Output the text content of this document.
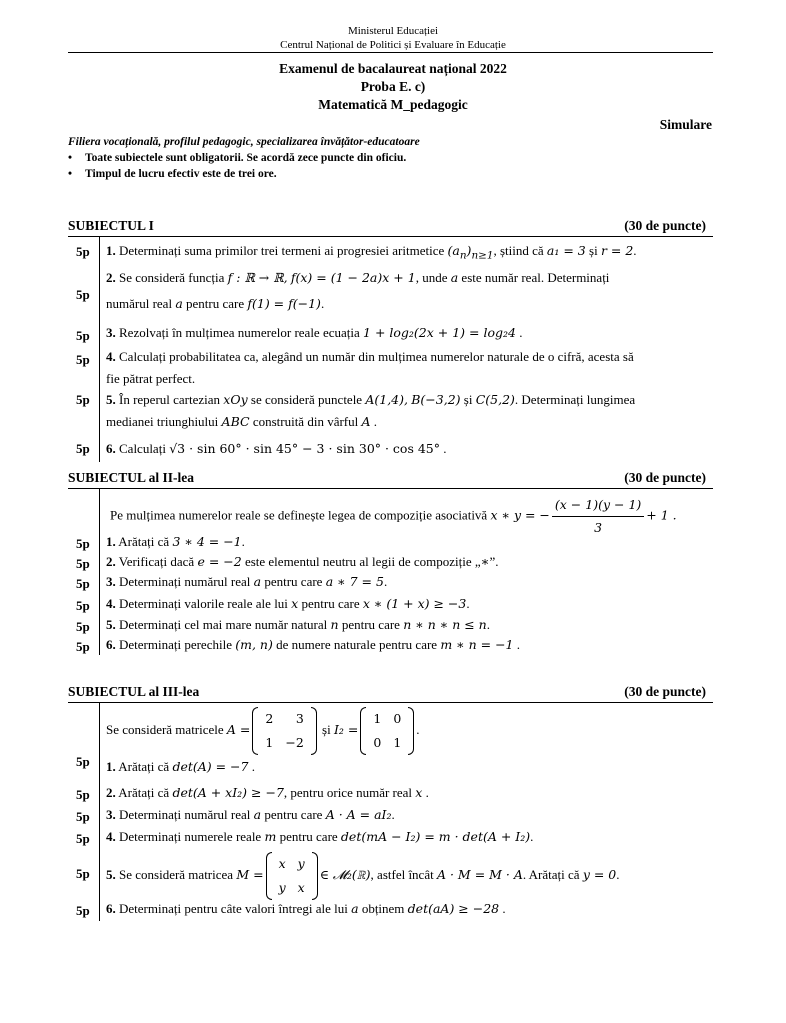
Ministerul Educației
Centrul Național de Politici și Evaluare în Educație
Examenul de bacalaureat național 2022
Proba E. c)
Matematică M_pedagogic
Simulare
Filiera vocațională, profilul pedagogic, specializarea învățător-educatoare
• Toate subiectele sunt obligatorii. Se acordă zece puncte din oficiu.
• Timpul de lucru efectiv este de trei ore.
SUBIECTUL I	(30 de puncte)
5p 1. Determinați suma primilor trei termeni ai progresiei aritmetice $(a_n)_{n\ge 1}$, știind că a₁ = 3 și r = 2.
5p
2. Se consideră funcția f : ℝ → ℝ, f(x) = (1 − 2a)x + 1, unde a este număr real. Determinați
numărul real a pentru care f(1) = f(−1).
5p 3. Rezolvați în mulțimea numerelor reale ecuația 1 + log₂(2x + 1) = log₂4 .
5p 4. Calculați probabilitatea ca, alegând un număr din mulțimea numerelor naturale de o cifră, acesta să
fie pătrat perfect.
5p 5. În reperul cartezian xOy se consideră punctele A(1,4), B(−3,2) și C(5,2). Determinați lungimea
medianei triunghiului ABC construită din vârful A .
5p 6. Calculați √3 · sin 60° · sin 45° − 3 · sin 30° · cos 45° .
SUBIECTUL al II-lea	(30 de puncte)
Pe mulțimea numerelor reale se definește legea de compoziție asociativă x ∗ y = − $\frac{(x - 1)(y - 1)}{3} + 1$ .
5p 1. Arătați că 3 ∗ 4 = −1.
5p 2. Verificați dacă e = −2 este elementul neutru al legii de compoziție „∗”.
5p 3. Determinați numărul real a pentru care a ∗ 7 = 5.
5p 4. Determinați valorile reale ale lui x pentru care x ∗ (1 + x) ≥ −3.
5p 5. Determinați cel mai mare număr natural n pentru care n ∗ n ∗ n ≤ n.
5p 6. Determinați perechile (m, n) de numere naturale pentru care m ∗ n = −1 .
SUBIECTUL al III-lea	(30 de puncte)
Se consideră matricele A =
2	3
1	−2
și I₂ =
1	0
0	1
.
5p 1. Arătați că det(A) = −7 .
5p 2. Arătați că det(A + xI₂) ≥ −7, pentru orice număr real x .
5p 3. Determinați numărul real a pentru care A · A = aI₂.
5p 4. Determinați numerele reale m pentru care det(mA − I₂) = m · det(A + I₂).
5p 5. Se consideră matricea M =
x	y
y	x
∈ 𝓜₂(ℝ), astfel încât A · M = M · A. Arătați că y = 0.
5p 6. Determinați pentru câte valori întregi ale lui a obținem det(aA) ≥ −28 .
